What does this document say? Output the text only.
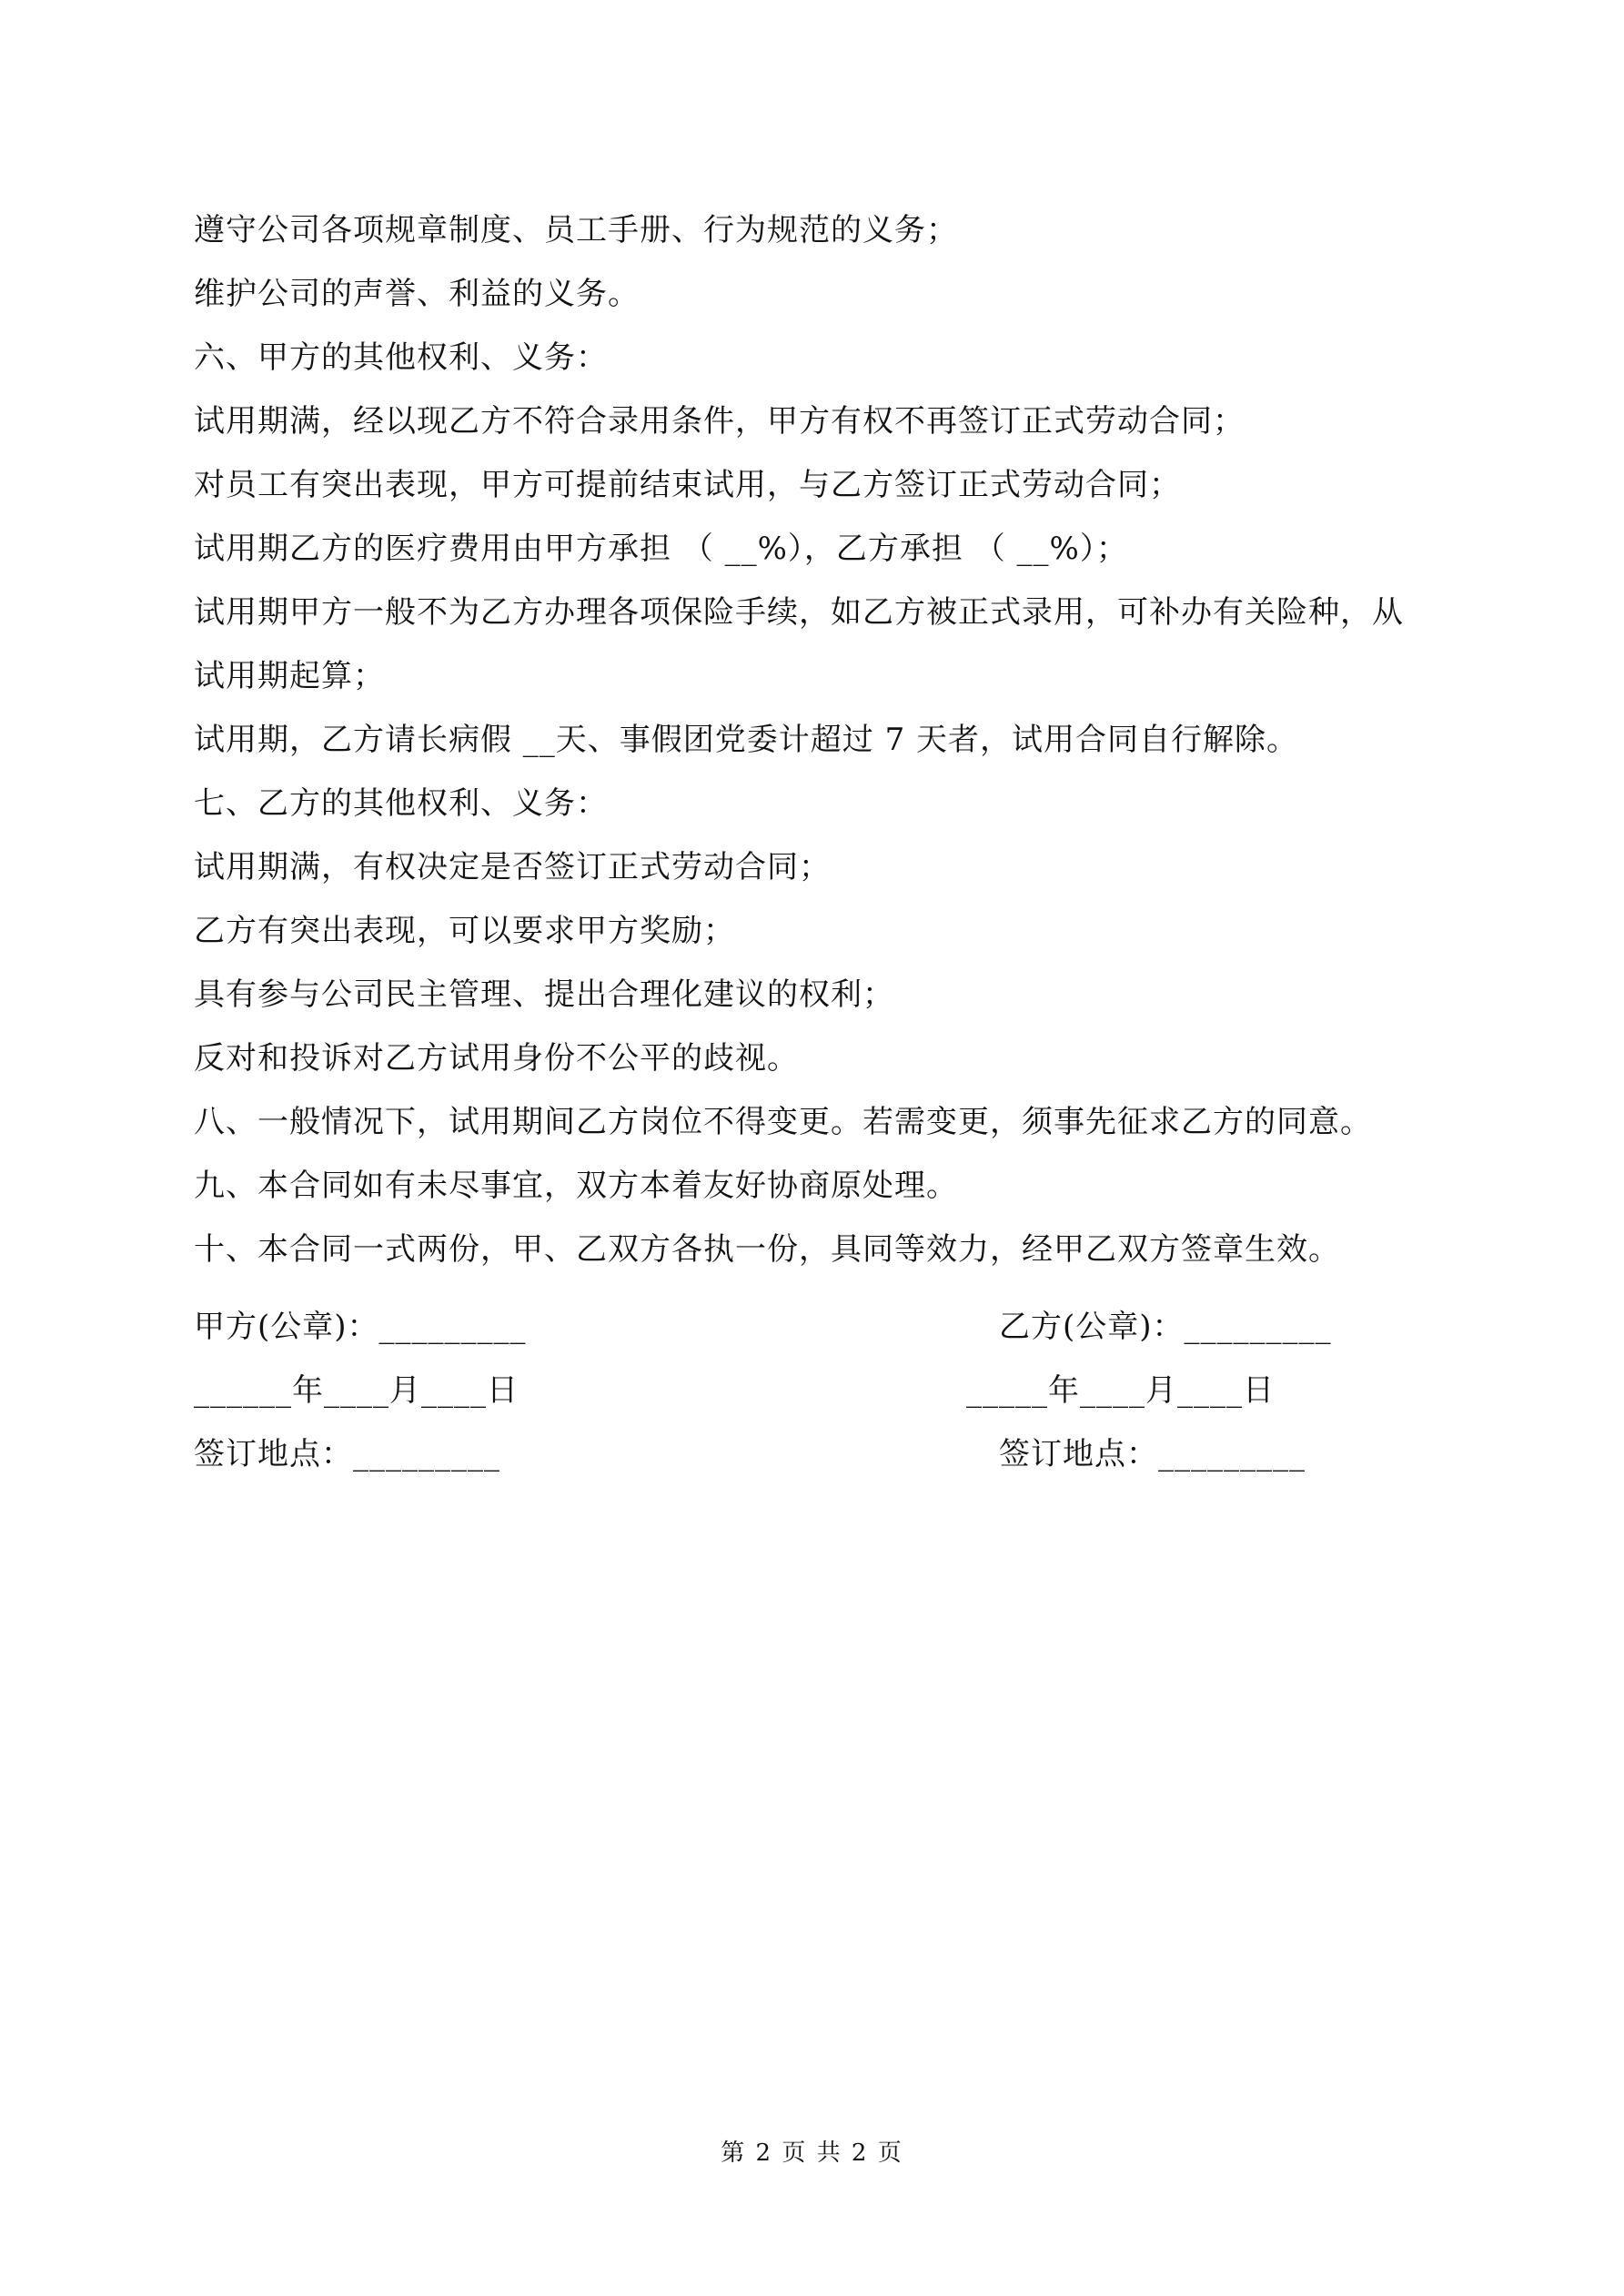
遵守公司各项规章制度、员工手册、行为规范的义务；
维护公司的声誉、利益的义务。
六、甲方的其他权利、义务：
试用期满，经以现乙方不符合录用条件，甲方有权不再签订正式劳动合同；
对员工有突出表现，甲方可提前结束试用，与乙方签订正式劳动合同；
试用期乙方的医疗费用由甲方承担 （ __%），乙方承担 （ __%）；
试用期甲方一般不为乙方办理各项保险手续，如乙方被正式录用，可补办有关险种，从
试用期起算；
试用期，乙方请长病假 __天、事假团党委计超过 7 天者，试用合同自行解除。
七、乙方的其他权利、义务：
试用期满，有权决定是否签订正式劳动合同；
乙方有突出表现，可以要求甲方奖励；
具有参与公司民主管理、提出合理化建议的权利；
反对和投诉对乙方试用身份不公平的歧视。
八、一般情况下，试用期间乙方岗位不得变更。若需变更，须事先征求乙方的同意。
九、本合同如有未尽事宜，双方本着友好协商原处理。
十、本合同一式两份，甲、乙双方各执一份，具同等效力，经甲乙双方签章生效。
甲方(公章)：_________
______年____月____日
签订地点：_________
乙方(公章)：_________
_____年____月____日
签订地点：_________
第 2 页 共 2 页
